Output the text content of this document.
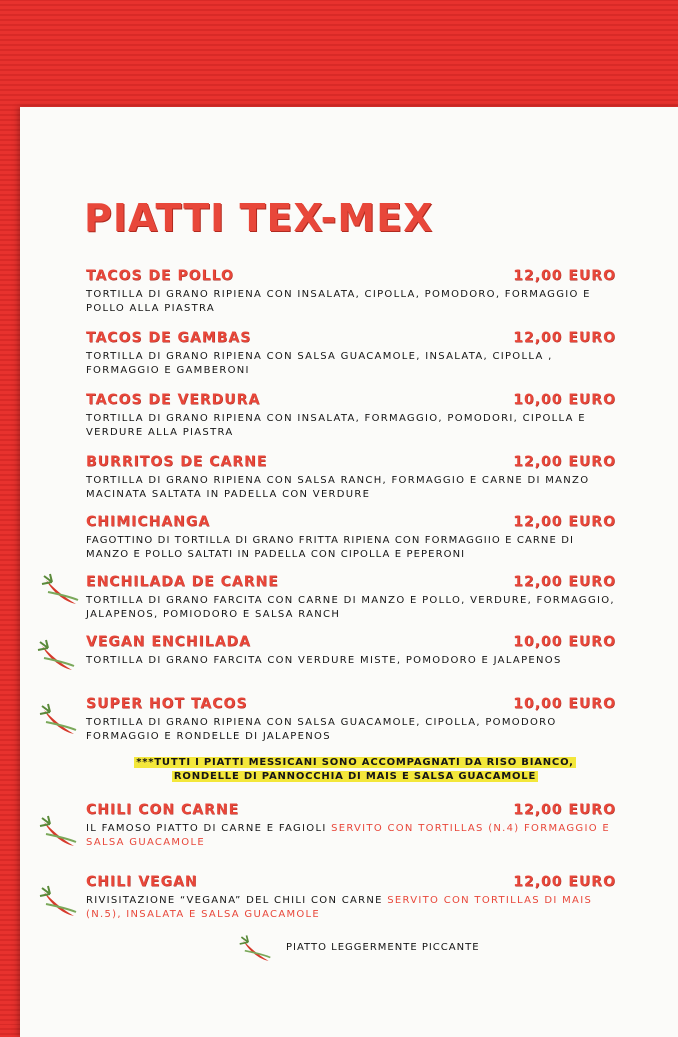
PIATTI TEX-MEX
TACOS DE POLLO	12,00 EURO
TORTILLA DI GRANO RIPIENA CON INSALATA, CIPOLLA, POMODORO, FORMAGGIO E POLLO ALLA PIASTRA
TACOS DE GAMBAS	12,00 EURO
TORTILLA DI GRANO RIPIENA CON SALSA GUACAMOLE, INSALATA, CIPOLLA , FORMAGGIO E GAMBERONI
TACOS DE VERDURA	10,00 EURO
TORTILLA DI GRANO RIPIENA CON INSALATA, FORMAGGIO, POMODORI, CIPOLLA E VERDURE ALLA PIASTRA
BURRITOS DE CARNE	12,00 EURO
TORTILLA DI GRANO RIPIENA CON SALSA RANCH, FORMAGGIO E CARNE DI MANZO MACINATA SALTATA IN PADELLA CON VERDURE
CHIMICHANGA	12,00 EURO
FAGOTTINO DI TORTILLA DI GRANO FRITTA RIPIENA CON FORMAGGIIO E CARNE DI MANZO E POLLO SALTATI IN PADELLA CON CIPOLLA E PEPERONI
ENCHILADA DE CARNE	12,00 EURO
TORTILLA DI GRANO FARCITA CON CARNE DI MANZO E POLLO, VERDURE, FORMAGGIO, JALAPENOS, POMIODORO E SALSA RANCH
VEGAN ENCHILADA	10,00 EURO
TORTILLA DI GRANO FARCITA CON VERDURE MISTE, POMODORO E JALAPENOS
SUPER HOT TACOS	10,00 EURO
TORTILLA DI GRANO RIPIENA CON SALSA GUACAMOLE, CIPOLLA, POMODORO FORMAGGIO E RONDELLE DI JALAPENOS
***TUTTI I PIATTI MESSICANI SONO ACCOMPAGNATI DA RISO BIANCO,
RONDELLE DI PANNOCCHIA DI MAIS E SALSA GUACAMOLE
CHILI CON CARNE	12,00 EURO
IL FAMOSO PIATTO DI CARNE E FAGIOLI SERVITO CON TORTILLAS (N.4) FORMAGGIO E SALSA GUACAMOLE
CHILI VEGAN	12,00 EURO
RIVISITAZIONE “VEGANA” DEL CHILI CON CARNE SERVITO CON TORTILLAS DI MAIS (N.5), INSALATA E SALSA GUACAMOLE
PIATTO LEGGERMENTE PICCANTE
